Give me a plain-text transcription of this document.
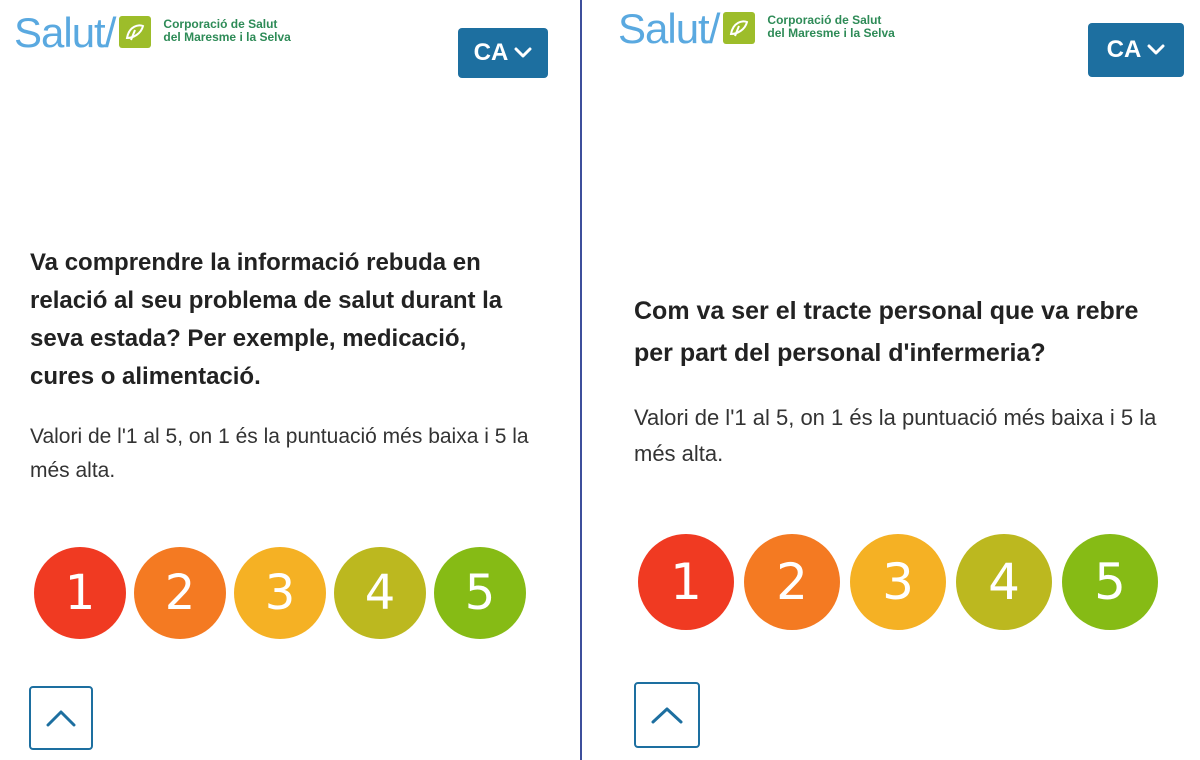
Salut/	Corporació de Salut
del Maresme i la Selva
CA
Va comprendre la informació rebuda en relació al seu problema de salut durant la seva estada? Per exemple, medicació, cures o alimentació.
Valori de l'1 al 5, on 1 és la puntuació més baixa i 5 la més alta.
1	2	3	4	5
Salut/	Corporació de Salut
del Maresme i la Selva
CA
Com va ser el tracte personal que va rebre per part del personal d'infermeria?
Valori de l'1 al 5, on 1 és la puntuació més baixa i 5 la més alta.
1	2	3	4	5
